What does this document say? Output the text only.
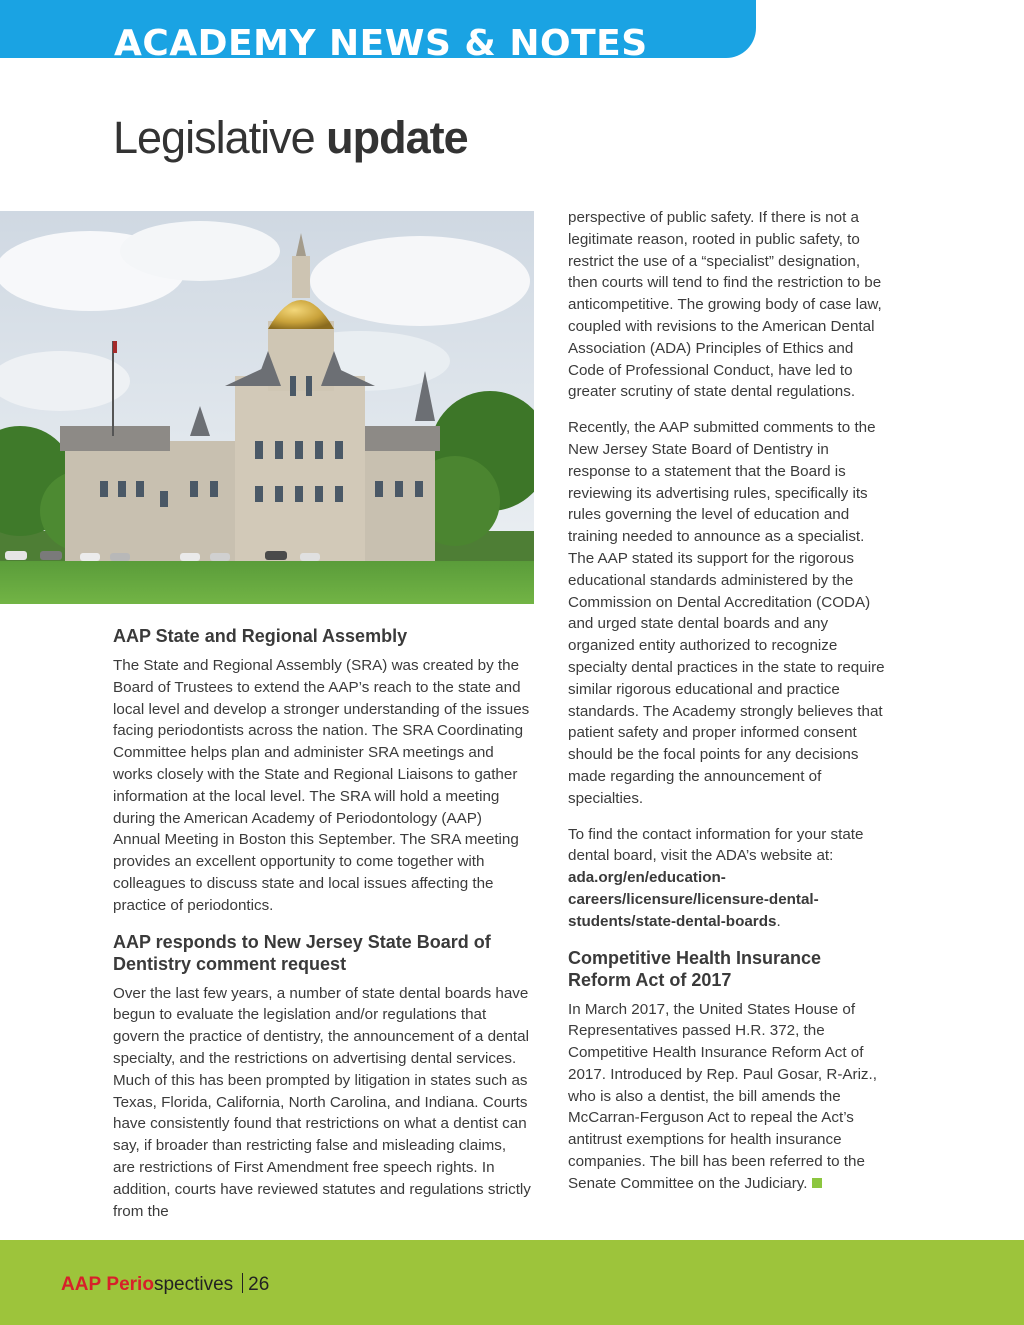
ACADEMY NEWS & NOTES
Legislative update
AAP State and Regional Assembly

The State and Regional Assembly (SRA) was created by the Board of Trustees to extend the AAP’s reach to the state and local level and develop a stronger understanding of the issues facing periodontists across the nation. The SRA Coordinating Committee helps plan and administer SRA meetings and works closely with the State and Regional Liaisons to gather information at the local level. The SRA will hold a meeting during the American Academy of Periodontology (AAP) Annual Meeting in Boston this September. The SRA meeting provides an excellent opportunity to come together with colleagues to discuss state and local issues affecting the practice of periodontics.

AAP responds to New Jersey State Board of Dentistry comment request

Over the last few years, a number of state dental boards have begun to evaluate the legislation and/or regulations that govern the practice of dentistry, the announcement of a dental specialty, and the restrictions on advertising dental services. Much of this has been prompted by litigation in states such as Texas, Florida, California, North Carolina, and Indiana. Courts have consistently found that restrictions on what a dentist can say, if broader than restricting false and misleading claims, are restrictions of First Amendment free speech rights. In addition, courts have reviewed statutes and regulations strictly from the

perspective of public safety. If there is not a legitimate reason, rooted in public safety, to restrict the use of a “specialist” designation, then courts will tend to find the restriction to be anticompetitive. The growing body of case law, coupled with revisions to the American Dental Association (ADA) Principles of Ethics and Code of Professional Conduct, have led to greater scrutiny of state dental regulations.

Recently, the AAP submitted comments to the New Jersey State Board of Dentistry in response to a statement that the Board is reviewing its advertising rules, specifically its rules governing the level of education and training needed to announce as a specialist. The AAP stated its support for the rigorous educational standards administered by the Commission on Dental Accreditation (CODA) and urged state dental boards and any organized entity authorized to recognize specialty dental practices in the state to require similar rigorous educational and practice standards. The Academy strongly believes that patient safety and proper informed consent should be the focal points for any decisions made regarding the announcement of specialties.

To find the contact information for your state dental board, visit the ADA’s website at: ada.org/en/education-careers/licensure/licensure-dental-students/state-dental-boards.

Competitive Health Insurance Reform Act of 2017

In March 2017, the United States House of Representatives passed H.R. 372, the Competitive Health Insurance Reform Act of 2017. Introduced by Rep. Paul Gosar, R-Ariz., who is also a dentist, the bill amends the McCarran-Ferguson Act to repeal the Act’s antitrust exemptions for health insurance companies. The bill has been referred to the Senate Committee on the Judiciary.

AAP Periospectives 26
